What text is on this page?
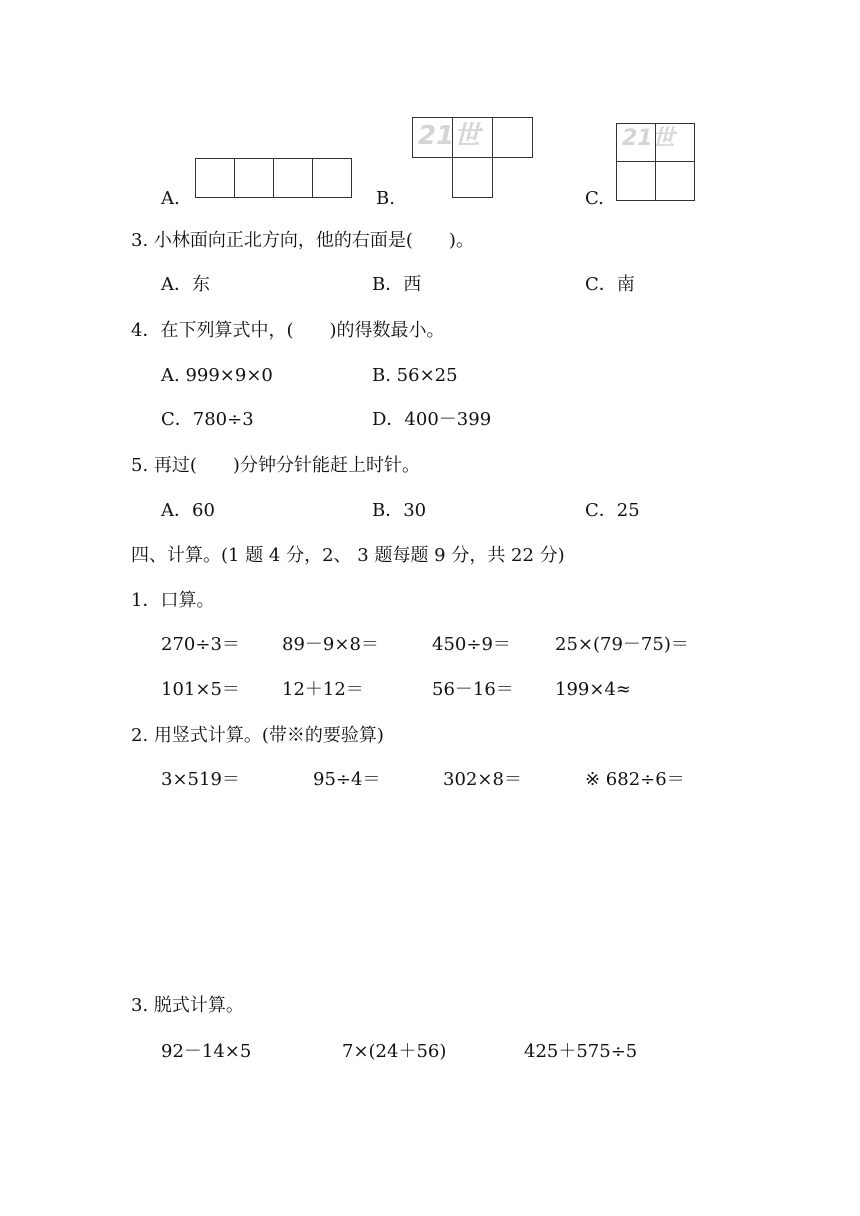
A.
21世
B.
21世
C.
3. 小林面向正北方向，他的右面是(　　)。
A．东	B．西	C．南
4．在下列算式中，(　　)的得数最小。
A. 999×9×0	B. 56×25
C．780÷3	D．400－399
5. 再过(　　)分钟分针能赶上时针。
A．60	B．30	C．25
四、计算。(1 题 4 分，2、 3 题每题 9 分，共 22 分)
1．口算。
270÷3＝ 89－9×8＝	450÷9＝ 25×(79－75)＝
101×5＝ 12＋12＝	56－16＝ 199×4≈
2. 用竖式计算。(带※的要验算)
3×519＝	95÷4＝	302×8＝	※ 682÷6＝
3. 脱式计算。
92－14×5	7×(24＋56)	425＋575÷5
